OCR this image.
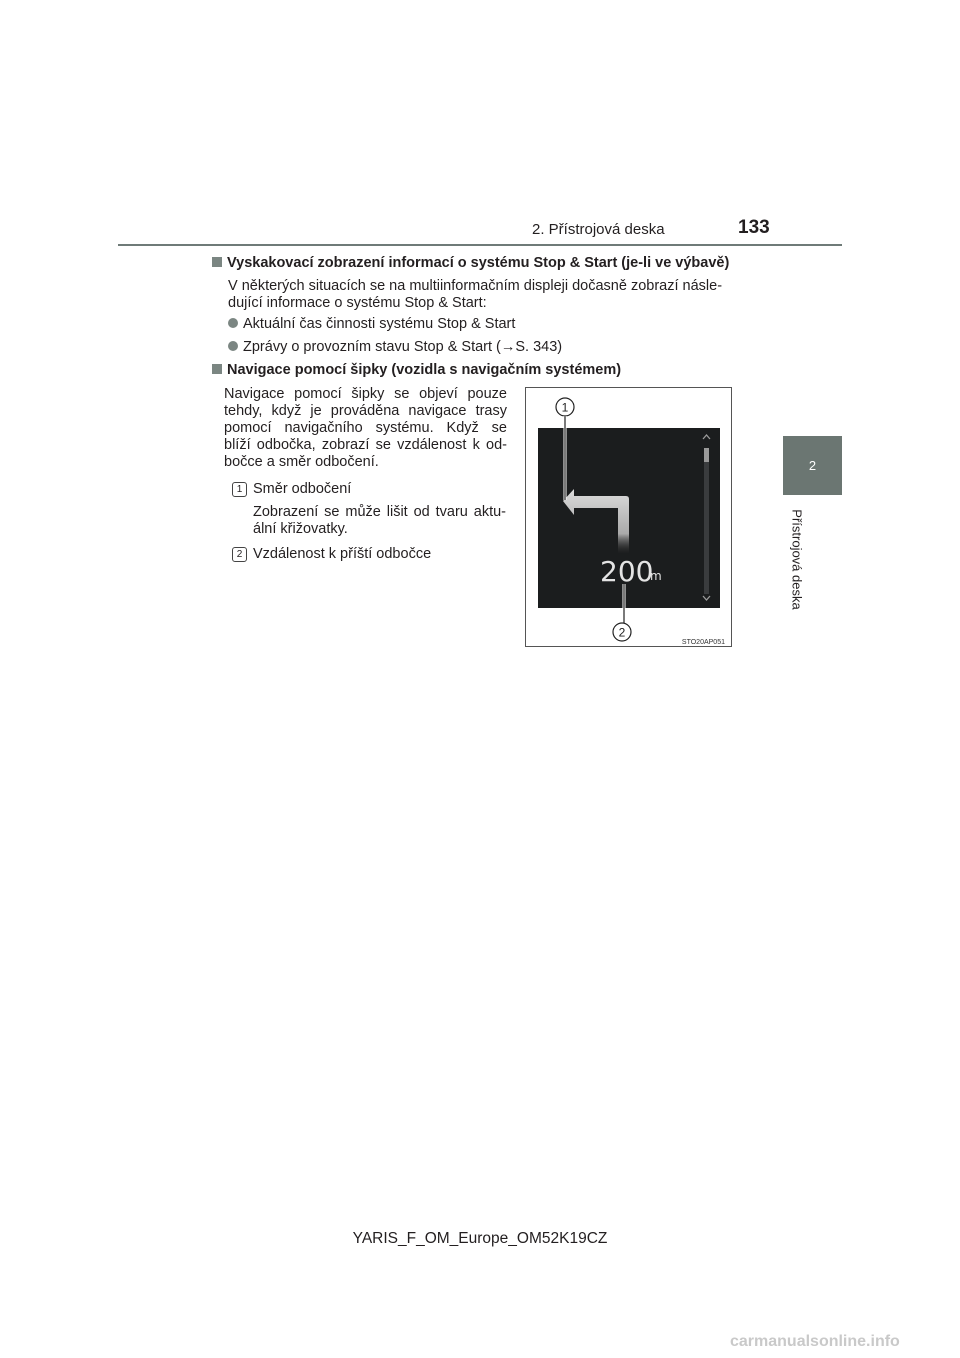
2. Přístrojová deska	133
2
Přístrojová deska
Vyskakovací zobrazení informací o systému Stop & Start (je-li ve výbavě)
V některých situacích se na multiinformačním displeji dočasně zobrazí násle-
dující informace o systému Stop & Start:
Aktuální čas činnosti systému Stop & Start
Zprávy o provozním stavu Stop & Start (→S. 343)
Navigace pomocí šipky (vozidla s navigačním systémem)
Navigace pomocí šipky se objeví pouze
tehdy, když je prováděna navigace trasy
pomocí navigačního systému. Když se
blíží odbočka, zobrazí se vzdálenost k od-
bočce a směr odbočení.
1 Směr odbočení
Zobrazení se může lišit od tvaru aktu-
ální křižovatky.
2 Vzdálenost k příští odbočce
200
m
1
2
STO20AP051
YARIS_F_OM_Europe_OM52K19CZ
carmanualsonline.info
